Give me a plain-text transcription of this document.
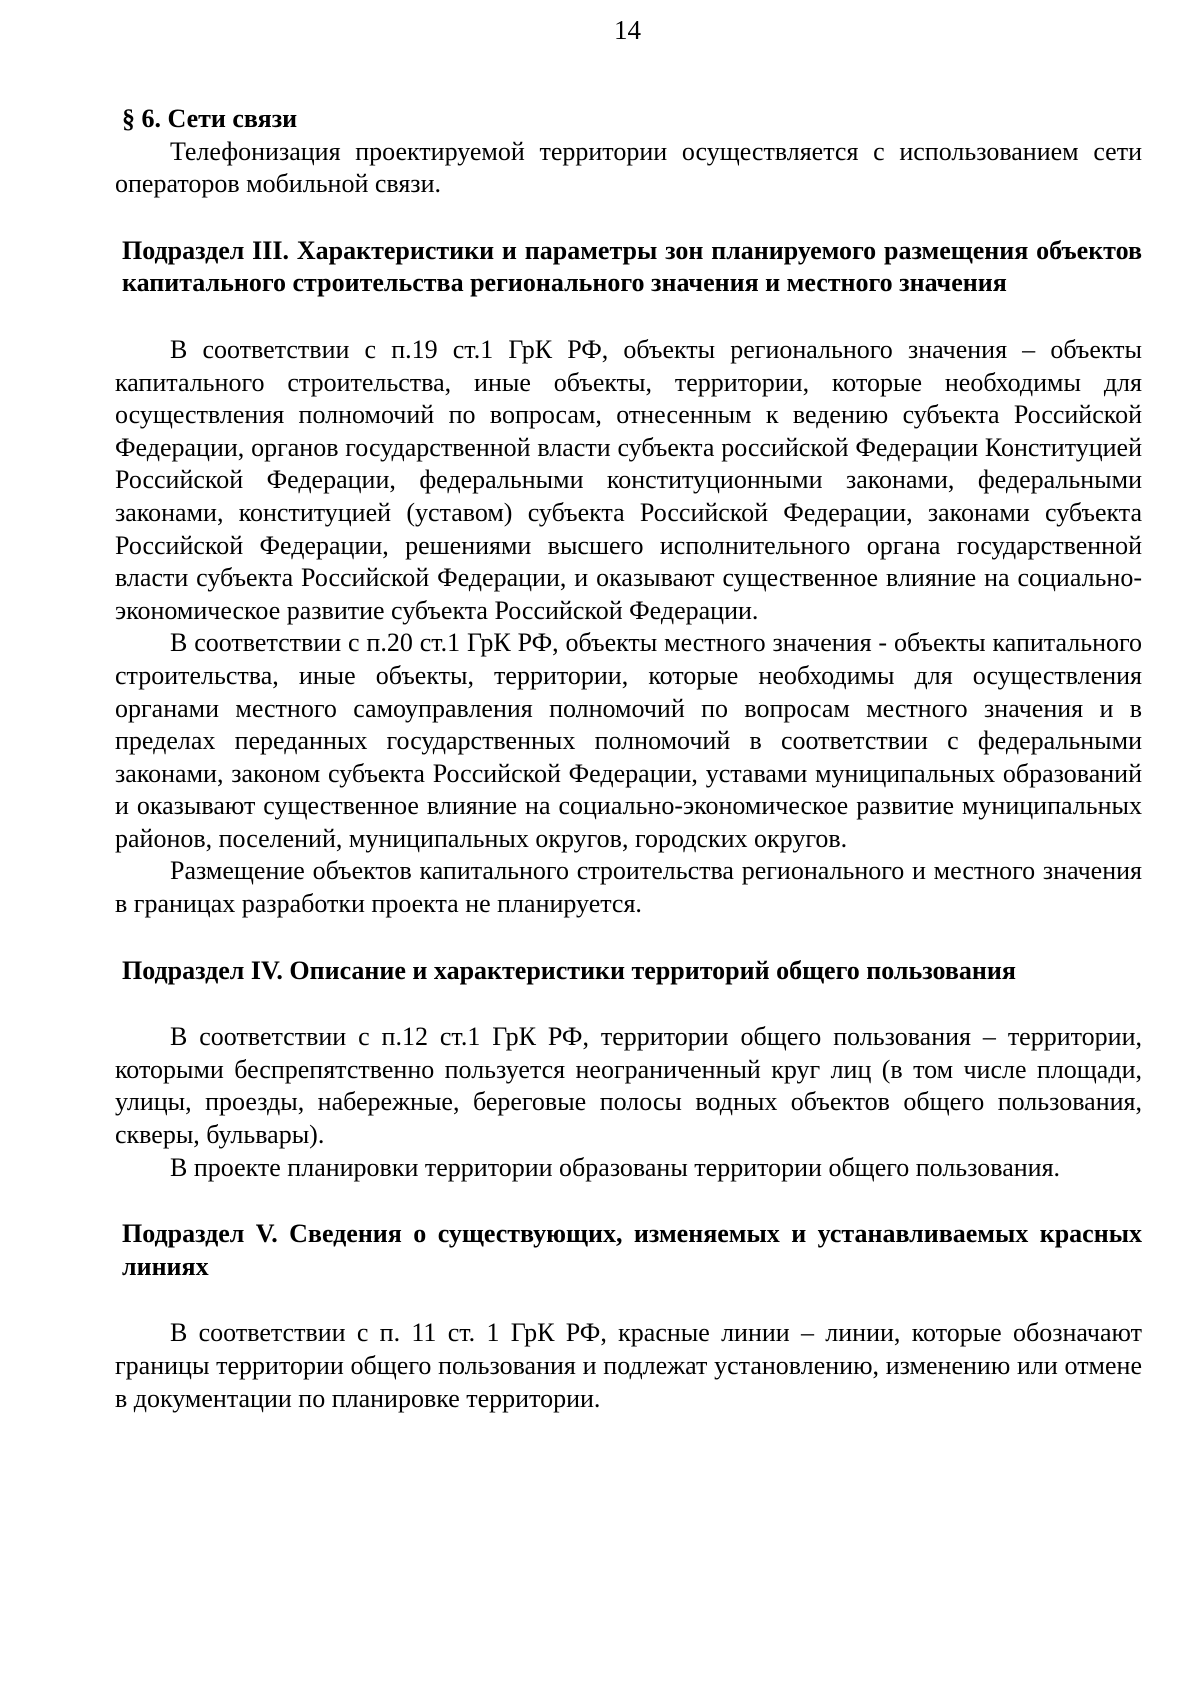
14

§ 6. Сети связи

Телефонизация проектируемой территории осуществляется с использованием сети операторов мобильной связи.

Подраздел III. Характеристики и параметры зон планируемого размещения объектов капитального строительства регионального значения и местного значения

В соответствии с п.19 ст.1 ГрК РФ, объекты регионального значения – объекты капитального строительства, иные объекты, территории, которые необходимы для осуществления полномочий по вопросам, отнесенным к ведению субъекта Российской Федерации, органов государственной власти субъекта российской Федерации Конституцией Российской Федерации, федеральными конституционными законами, федеральными законами, конституцией (уставом) субъекта Российской Федерации, законами субъекта Российской Федерации, решениями высшего исполнительного органа государственной власти субъекта Российской Федерации, и оказывают существенное влияние на социально-экономическое развитие субъекта Российской Федерации.

В соответствии с п.20 ст.1 ГрК РФ, объекты местного значения - объекты капитального строительства, иные объекты, территории, которые необходимы для осуществления органами местного самоуправления полномочий по вопросам местного значения и в пределах переданных государственных полномочий в соответствии с федеральными законами, законом субъекта Российской Федерации, уставами муниципальных образований и оказывают существенное влияние на социально-экономическое развитие муниципальных районов, поселений, муниципальных округов, городских округов.

Размещение объектов капитального строительства регионального и местного значения в границах разработки проекта не планируется.

Подраздел IV. Описание и характеристики территорий общего пользования

В соответствии с п.12 ст.1 ГрК РФ, территории общего пользования – территории, которыми беспрепятственно пользуется неограниченный круг лиц (в том числе площади, улицы, проезды, набережные, береговые полосы водных объектов общего пользования, скверы, бульвары).

В проекте планировки территории образованы территории общего пользования.

Подраздел V. Сведения о существующих, изменяемых и устанавливаемых красных линиях

В соответствии с п. 11 ст. 1 ГрК РФ, красные линии – линии, которые обозначают границы территории общего пользования и подлежат установлению, изменению или отмене в документации по планировке территории.
